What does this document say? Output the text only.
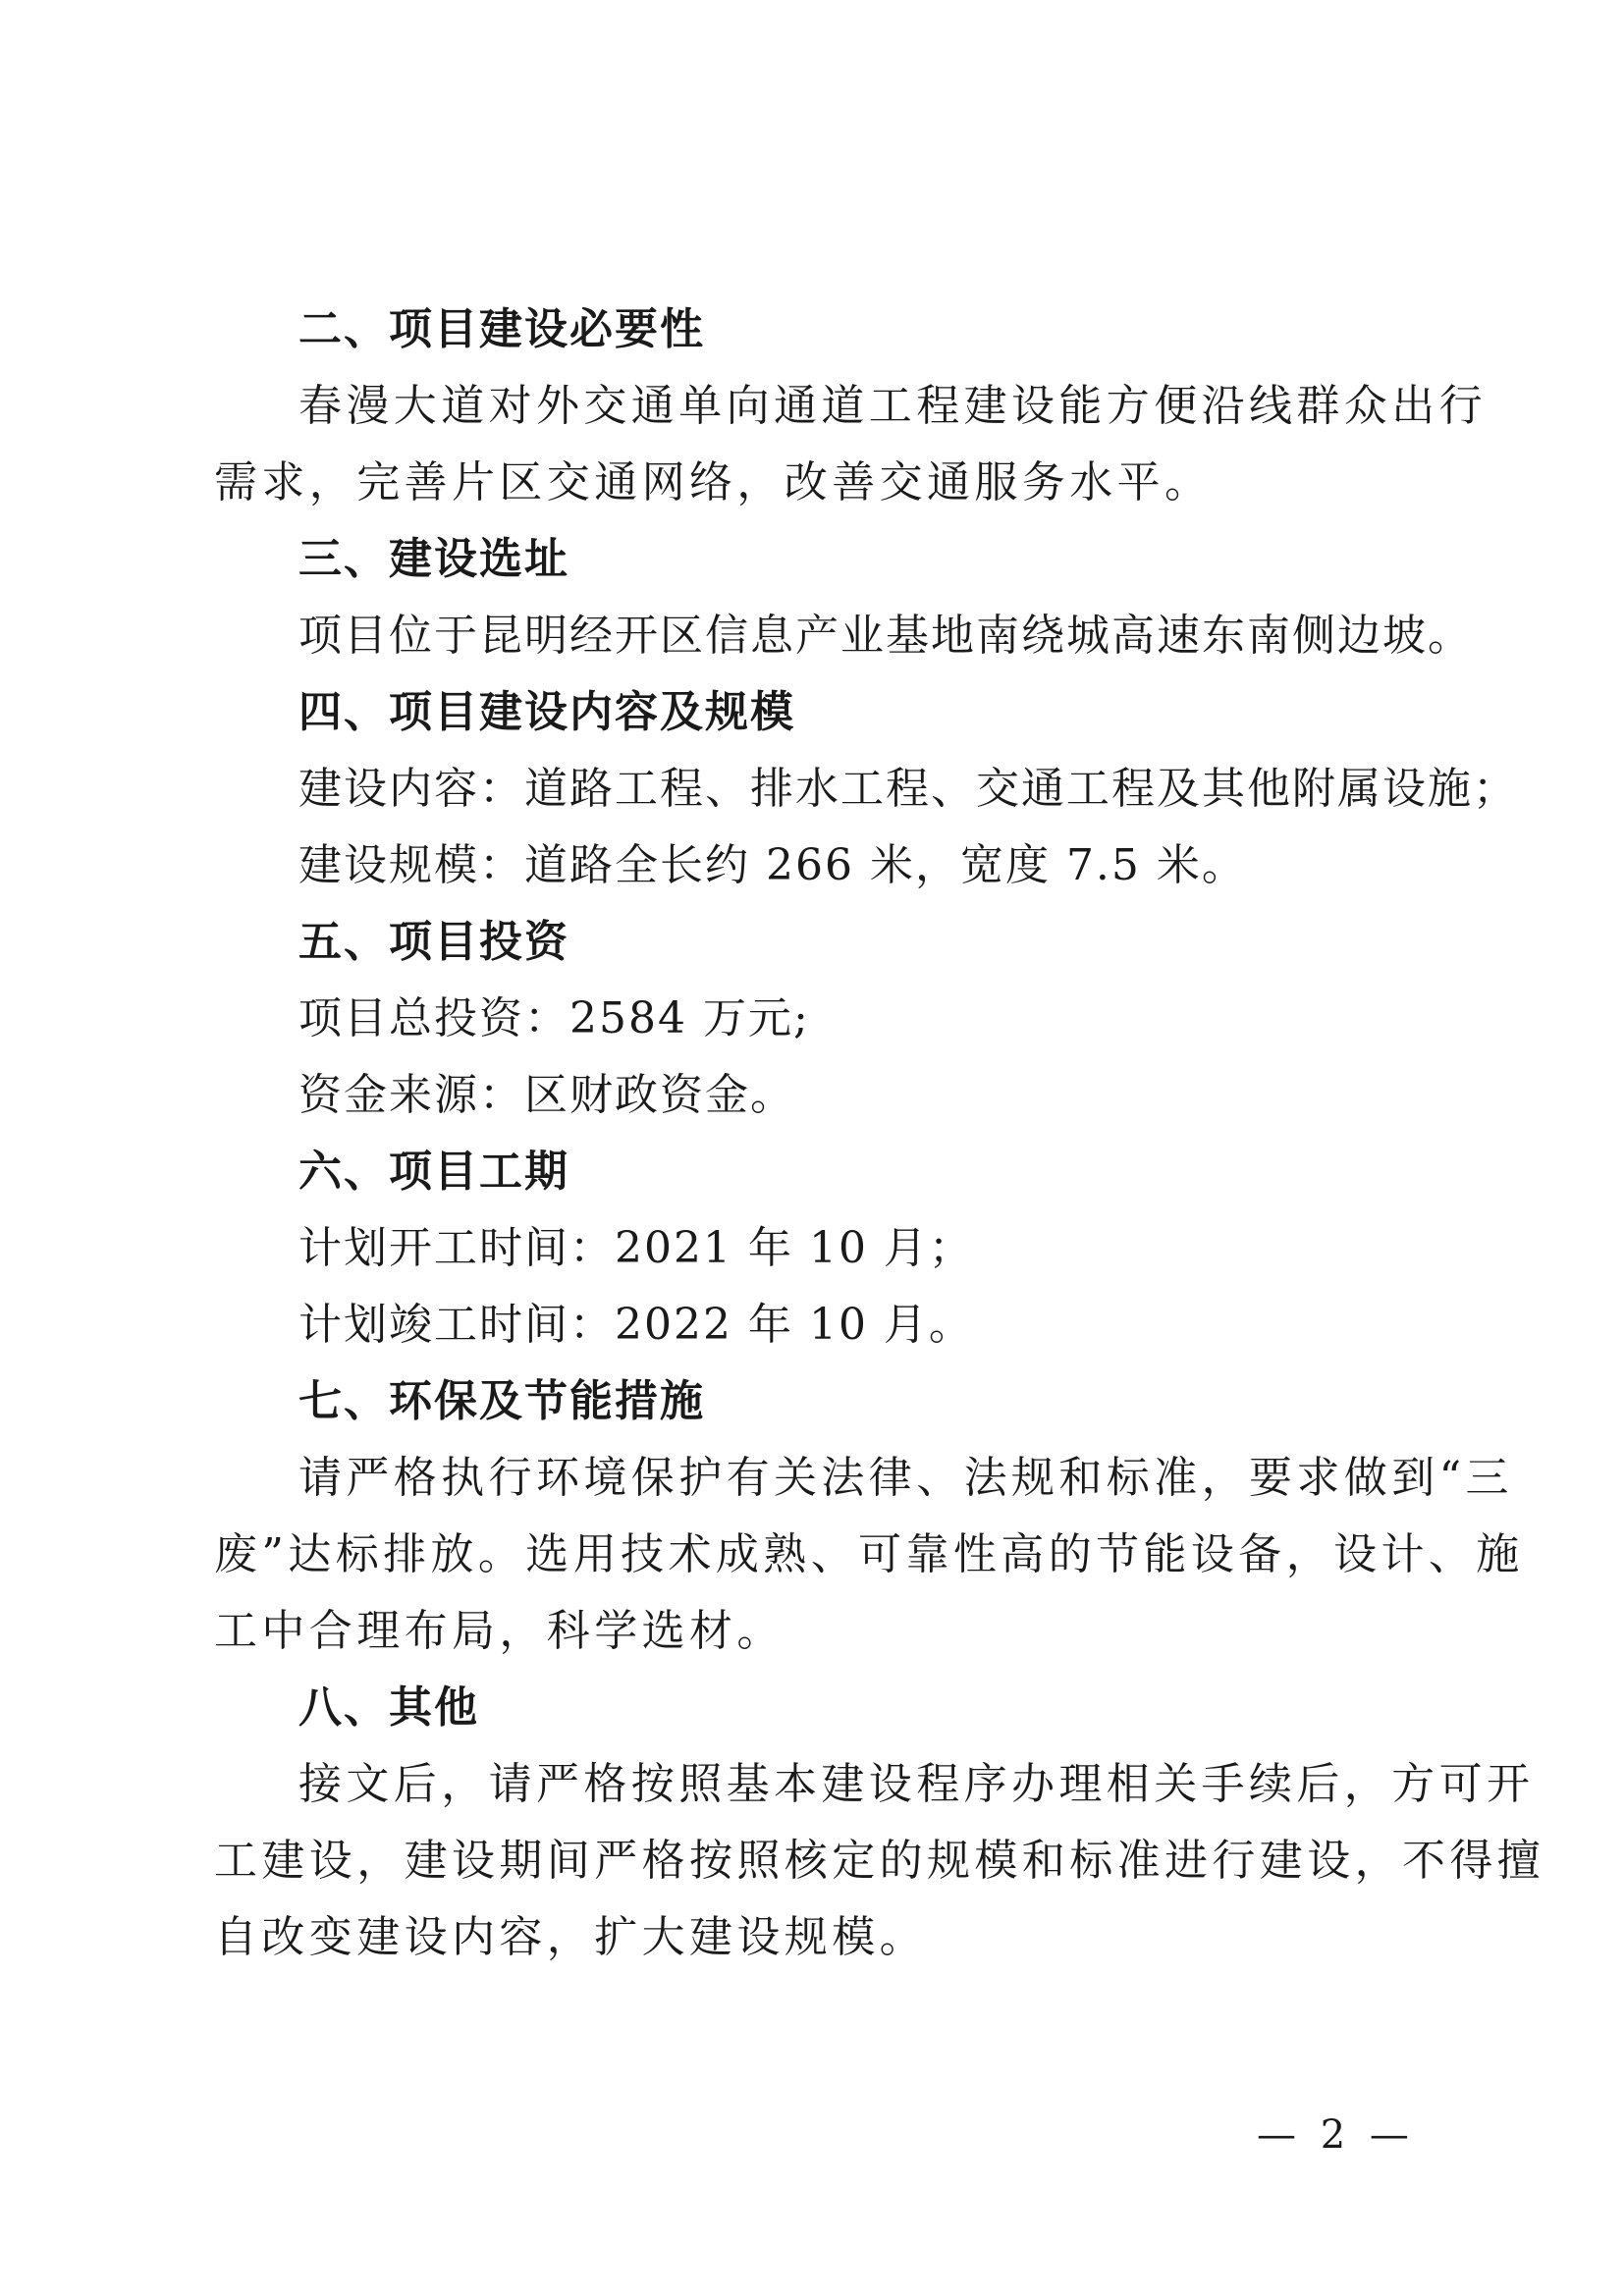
二、项目建设必要性
春漫大道对外交通单向通道工程建设能方便沿线群众出行
需求，完善片区交通网络，改善交通服务水平。
三、建设选址
项目位于昆明经开区信息产业基地南绕城高速东南侧边坡。
四、项目建设内容及规模
建设内容：道路工程、排水工程、交通工程及其他附属设施；
建设规模：道路全长约 266 米，宽度 7.5 米。
五、项目投资
项目总投资：2584 万元;
资金来源：区财政资金。
六、项目工期
计划开工时间：2021 年 10 月；
计划竣工时间：2022 年 10 月。
七、环保及节能措施
请严格执行环境保护有关法律、法规和标准，要求做到“三
废”达标排放。选用技术成熟、可靠性高的节能设备，设计、施
工中合理布局，科学选材。
八、其他
接文后，请严格按照基本建设程序办理相关手续后，方可开
工建设，建设期间严格按照核定的规模和标准进行建设，不得擅
自改变建设内容，扩大建设规模。
— 2 —
